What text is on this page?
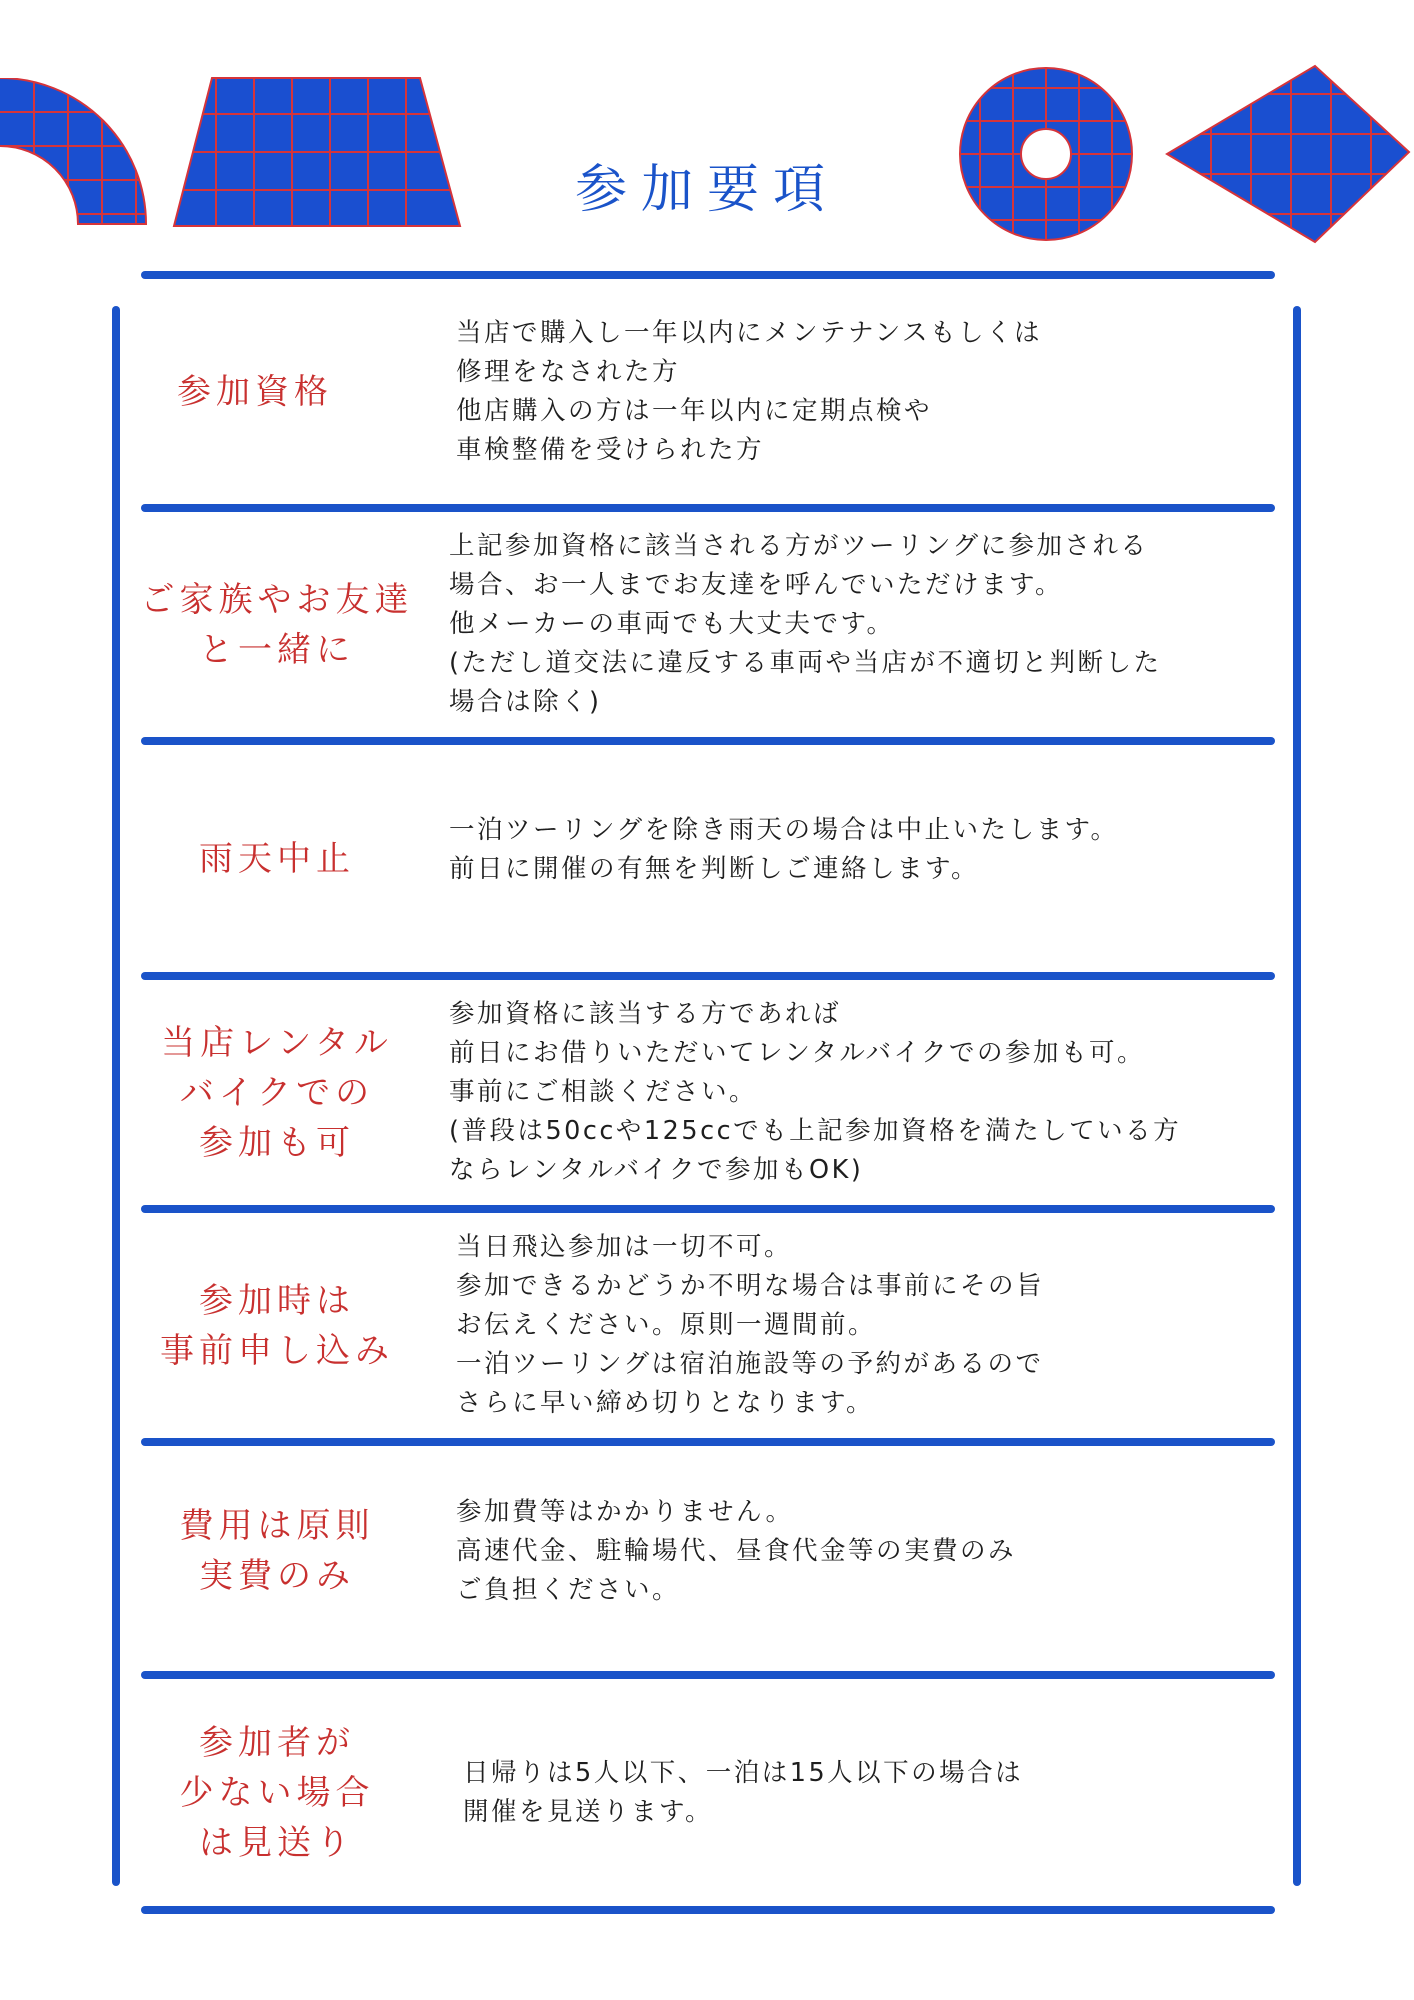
参加要項
参加資格
当店で購入し一年以内にメンテナンスもしくは
修理をなされた方
他店購入の方は一年以内に定期点検や
車検整備を受けられた方
ご家族やお友達
と一緒に
上記参加資格に該当される方がツーリングに参加される
場合、お一人までお友達を呼んでいただけます。
他メーカーの車両でも大丈夫です。
(ただし道交法に違反する車両や当店が不適切と判断した
場合は除く)
雨天中止
一泊ツーリングを除き雨天の場合は中止いたします。
前日に開催の有無を判断しご連絡します。
当店レンタル
バイクでの
参加も可
参加資格に該当する方であれば
前日にお借りいただいてレンタルバイクでの参加も可。
事前にご相談ください。
(普段は50ccや125ccでも上記参加資格を満たしている方
ならレンタルバイクで参加もOK)
参加時は
事前申し込み
当日飛込参加は一切不可。
参加できるかどうか不明な場合は事前にその旨
お伝えください。原則一週間前。
一泊ツーリングは宿泊施設等の予約があるので
さらに早い締め切りとなります。
費用は原則
実費のみ
参加費等はかかりません。
高速代金、駐輪場代、昼食代金等の実費のみ
ご負担ください。
参加者が
少ない場合
は見送り
日帰りは5人以下、一泊は15人以下の場合は
開催を見送ります。
